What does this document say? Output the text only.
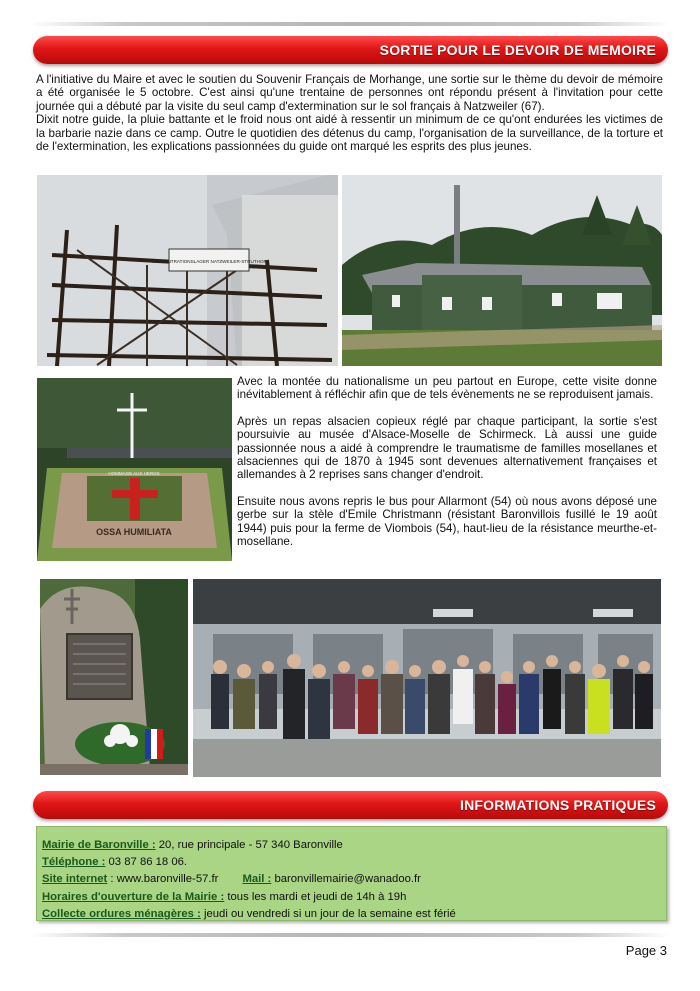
SORTIE POUR LE DEVOIR DE MEMOIRE
A l'initiative du Maire et avec le soutien du Souvenir Français de Morhange, une sortie sur le thème du devoir de mémoire a été organisée le 5 octobre. C'est ainsi qu'une trentaine de personnes ont répondu présent à l'invitation pour cette journée qui a débuté par la visite du seul camp d'extermination sur le sol français à Natzweiler (67).
Dixit notre guide, la pluie battante et le froid nous ont aidé à ressentir un minimum de ce qu'ont endurées les victimes de la barbarie nazie dans ce camp. Outre le quotidien des détenus du camp, l'organisation de la surveillance, de la torture et de l'extermination, les explications passionnées du guide ont marqué les esprits des plus jeunes.
KONZENTRATIONSLAGER NATZWEILER-STRUTHOF
HOMMAGE AUX HEROS
OSSA HUMILIATA

Avec la montée du nationalisme un peu partout en Europe, cette visite donne inévitablement à réfléchir afin que de tels évènements ne se reproduisent jamais.

Après un repas alsacien copieux réglé par chaque participant, la sortie s'est poursuivie au musée d'Alsace-Moselle de Schirmeck. Là aussi une guide passionnée nous a aidé à comprendre le traumatisme de familles mosellanes et alsaciennes qui de 1870 à 1945 sont devenues alternativement françaises et allemandes à 2 reprises sans changer d'endroit.

Ensuite nous avons repris le bus pour Allarmont (54) où nous avons déposé une gerbe sur la stèle d'Emile Christmann (résistant Baronvillois fusillé le 19 août 1944) puis pour la ferme de Viombois (54), haut-lieu de la résistance meurthe-et-mosellane.

INFORMATIONS PRATIQUES
Mairie de Baronville : 20, rue principale - 57 340 Baronville
Téléphone : 03 87 86 18 06.
Site internet : www.baronville-57.fr Mail : baronvillemairie@wanadoo.fr
Horaires d'ouverture de la Mairie : tous les mardi et jeudi de 14h à 19h
Collecte ordures ménagères : jeudi ou vendredi si un jour de la semaine est férié
Page 3
